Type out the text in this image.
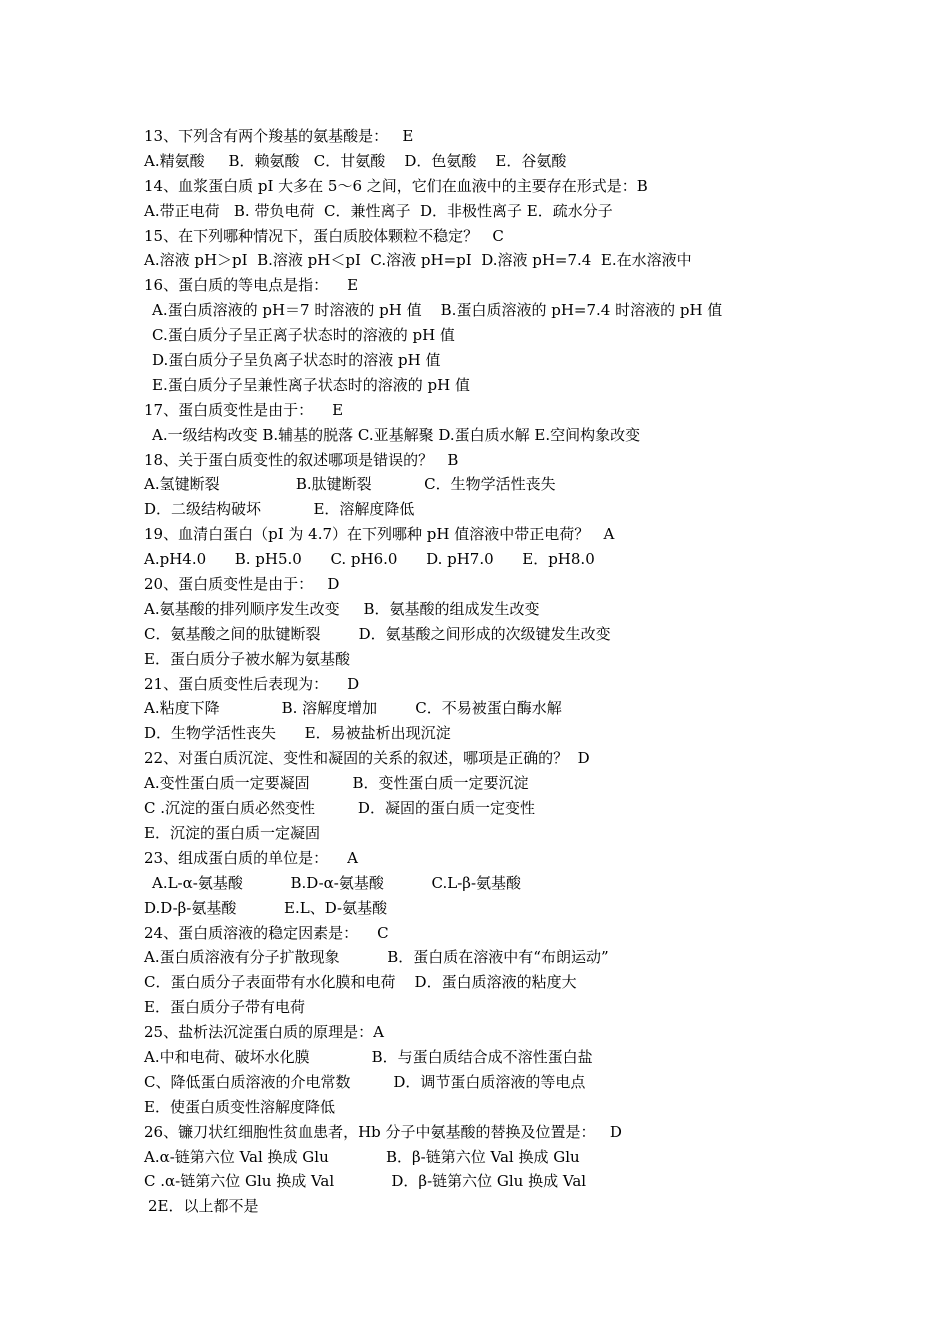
13、下列含有两个羧基的氨基酸是：   E
A.精氨酸     B．赖氨酸   C．甘氨酸    D．色氨酸    E．谷氨酸
14、血浆蛋白质 pI 大多在 5～6 之间，它们在血液中的主要存在形式是：B
A.带正电荷   B. 带负电荷  C．兼性离子  D．非极性离子 E．疏水分子
15、在下列哪种情况下，蛋白质胶体颗粒不稳定？   C
A.溶液 pH＞pI  B.溶液 pH＜pI  C.溶液 pH=pI  D.溶液 pH=7.4  E.在水溶液中
16、蛋白质的等电点是指：    E
A.蛋白质溶液的 pH＝7 时溶液的 pH 值    B.蛋白质溶液的 pH=7.4 时溶液的 pH 值
C.蛋白质分子呈正离子状态时的溶液的 pH 值
D.蛋白质分子呈负离子状态时的溶液 pH 值
E.蛋白质分子呈兼性离子状态时的溶液的 pH 值
17、蛋白质变性是由于：    E
A.一级结构改变 B.辅基的脱落 C.亚基解聚 D.蛋白质水解 E.空间构象改变
18、关于蛋白质变性的叙述哪项是错误的？   B
A.氢键断裂                B.肽键断裂           C．生物学活性丧失
D．二级结构破坏           E．溶解度降低
19、血清白蛋白（pI 为 4.7）在下列哪种 pH 值溶液中带正电荷？   A
A.pH4.0      B. pH5.0      C. pH6.0      D. pH7.0      E．pH8.0
20、蛋白质变性是由于：   D
A.氨基酸的排列顺序发生改变     B．氨基酸的组成发生改变
C．氨基酸之间的肽键断裂        D．氨基酸之间形成的次级键发生改变
E．蛋白质分子被水解为氨基酸
21、蛋白质变性后表现为：    D
A.粘度下降             B. 溶解度增加        C．不易被蛋白酶水解
D．生物学活性丧失      E．易被盐析出现沉淀
22、对蛋白质沉淀、变性和凝固的关系的叙述，哪项是正确的？  D
A.变性蛋白质一定要凝固         B．变性蛋白质一定要沉淀
C .沉淀的蛋白质必然变性         D．凝固的蛋白质一定变性
E．沉淀的蛋白质一定凝固
23、组成蛋白质的单位是：    A
A.L-α-氨基酸          B.D-α-氨基酸          C.L-β-氨基酸
D.D-β-氨基酸          E.L、D-氨基酸
24、蛋白质溶液的稳定因素是：    C
A.蛋白质溶液有分子扩散现象          B．蛋白质在溶液中有“布朗运动”
C．蛋白质分子表面带有水化膜和电荷    D．蛋白质溶液的粘度大
E．蛋白质分子带有电荷
25、盐析法沉淀蛋白质的原理是：A
A.中和电荷、破坏水化膜             B．与蛋白质结合成不溶性蛋白盐
C、降低蛋白质溶液的介电常数         D．调节蛋白质溶液的等电点
E．使蛋白质变性溶解度降低
26、镰刀状红细胞性贫血患者，Hb 分子中氨基酸的替换及位置是：   D
A.α-链第六位 Val 换成 Glu            B．β-链第六位 Val 换成 Glu
C .α-链第六位 Glu 换成 Val            D．β-链第六位 Glu 换成 Val
2E．以上都不是
